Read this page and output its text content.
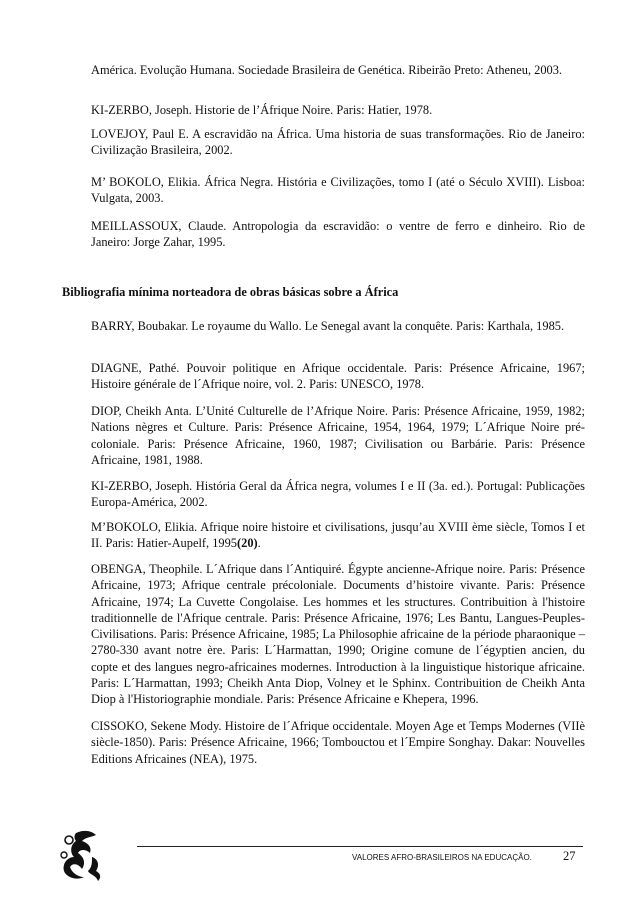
América. Evolução Humana. Sociedade Brasileira de Genética. Ribeirão Preto: Atheneu, 2003.

KI-ZERBO, Joseph. Historie de l’Áfrique Noire. Paris: Hatier, 1978.

LOVEJOY, Paul E. A escravidão na África. Uma historia de suas transformações. Rio de Janeiro: Civilização Brasileira, 2002.

M’ BOKOLO, Elikia. África Negra. História e Civilizações, tomo I (até o Século XVIII). Lisboa: Vulgata, 2003.

MEILLASSOUX, Claude. Antropologia da escravidão: o ventre de ferro e dinheiro. Rio de Janeiro: Jorge Zahar, 1995.

Bibliografia mínima norteadora de obras básicas sobre a África

BARRY, Boubakar. Le royaume du Wallo. Le Senegal avant la conquête. Paris: Karthala, 1985.

DIAGNE, Pathé. Pouvoir politique en Afrique occidentale. Paris: Présence Africaine, 1967; Histoire générale de l´Afrique noire, vol. 2. Paris: UNESCO, 1978.

DIOP, Cheikh Anta. L’Unité Culturelle de l’Afrique Noire. Paris: Présence Africaine, 1959, 1982; Nations nègres et Culture. Paris: Présence Africaine, 1954, 1964, 1979; L´Afrique Noire pré-coloniale. Paris: Présence Africaine, 1960, 1987; Civilisation ou Barbárie. Paris: Présence Africaine, 1981, 1988.

KI-ZERBO, Joseph. História Geral da África negra, volumes I e II (3a. ed.). Portugal: Publicações Europa-América, 2002.

M’BOKOLO, Elikia. Afrique noire histoire et civilisations, jusqu’au XVIII ème siècle, Tomos I et II. Paris: Hatier-Aupelf, 1995(20).

OBENGA, Theophile. L´Afrique dans l´Antiquiré. Égypte ancienne-Afrique noire. Paris: Présence Africaine, 1973; Afrique centrale précoloniale. Documents d’histoire vivante. Paris: Présence Africaine, 1974; La Cuvette Congolaise. Les hommes et les structures. Contribuition à l'histoire traditionnelle de l'Afrique centrale. Paris: Présence Africaine, 1976; Les Bantu, Langues-Peuples-Civilisations. Paris: Présence Africaine, 1985; La Philosophie africaine de la période pharaonique – 2780-330 avant notre ère. Paris: L´Harmattan, 1990; Origine comune de l´égyptien ancien, du copte et des langues negro-africaines modernes. Introduction à la linguistique historique africaine. Paris: L´Harmattan, 1993; Cheikh Anta Diop, Volney et le Sphinx. Contribuition de Cheikh Anta Diop à l'Historiographie mondiale. Paris: Présence Africaine e Khepera, 1996.

CISSOKO, Sekene Mody. Histoire de l´Afrique occidentale. Moyen Age et Temps Modernes (VIIè siècle-1850). Paris: Présence Africaine, 1966; Tombouctou et l´Empire Songhay. Dakar: Nouvelles Editions Africaines (NEA), 1975.

VALORES AFRO-BRASILEIROS NA EDUCAÇÃO. 27
